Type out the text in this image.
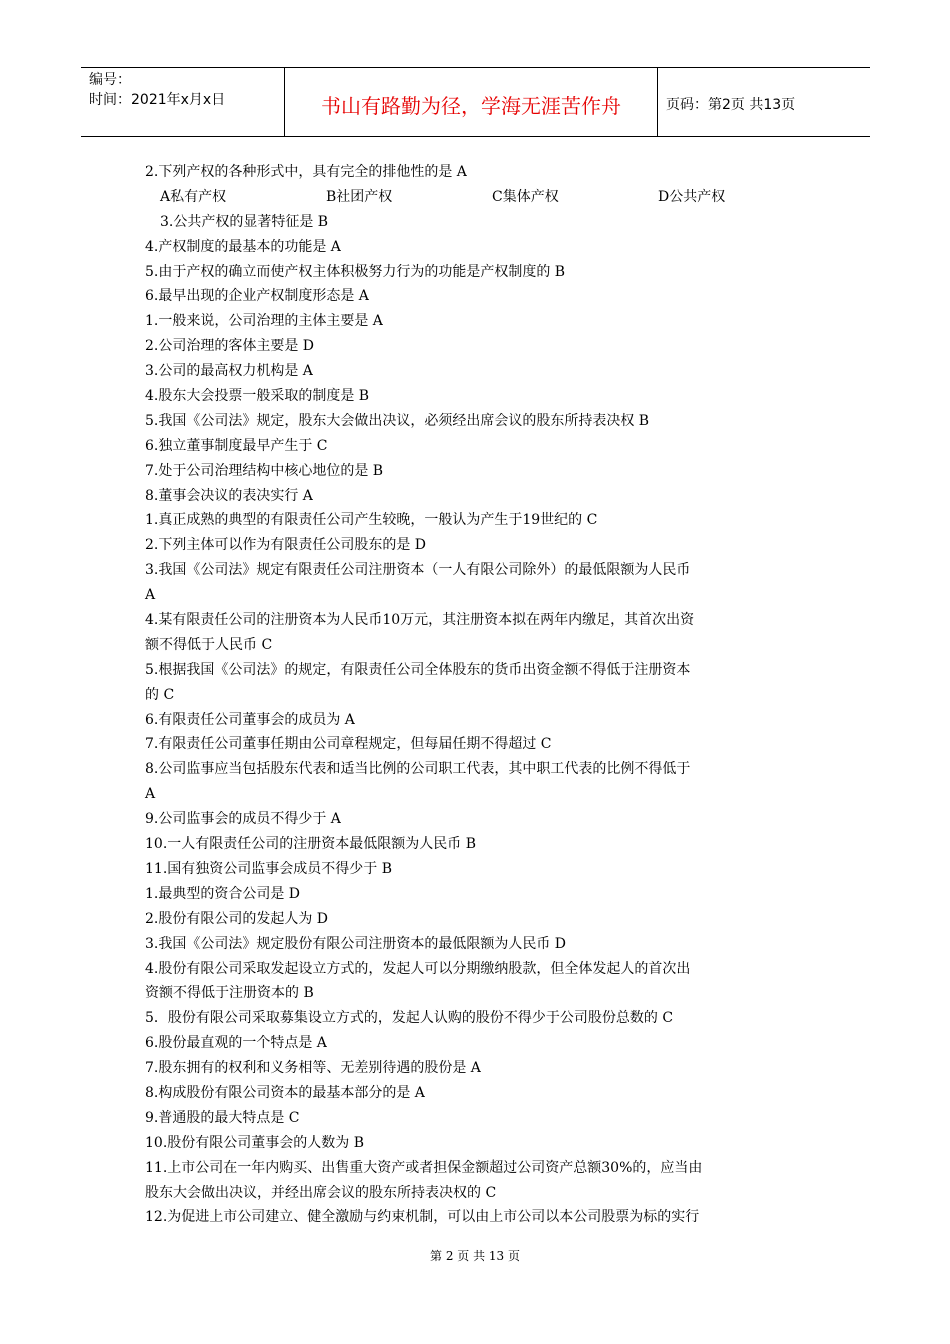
编号：
时间：2021年x月x日	书山有路勤为径，学海无涯苦作舟	页码：第2页 共13页
2.下列产权的各种形式中，具有完全的排他性的是 A
A私有产权	B社团产权	C集体产权	D公共产权
3.公共产权的显著特征是 B
4.产权制度的最基本的功能是 A
5.由于产权的确立而使产权主体积极努力行为的功能是产权制度的 B
6.最早出现的企业产权制度形态是 A
1.一般来说，公司治理的主体主要是 A
2.公司治理的客体主要是 D
3.公司的最高权力机构是 A
4.股东大会投票一般采取的制度是 B
5.我国《公司法》规定，股东大会做出决议，必须经出席会议的股东所持表决权 B
6.独立董事制度最早产生于 C
7.处于公司治理结构中核心地位的是 B
8.董事会决议的表决实行 A
1.真正成熟的典型的有限责任公司产生较晚，一般认为产生于19世纪的 C
2.下列主体可以作为有限责任公司股东的是 D
3.我国《公司法》规定有限责任公司注册资本（一人有限公司除外）的最低限额为人民币
A
4.某有限责任公司的注册资本为人民币10万元，其注册资本拟在两年内缴足，其首次出资
额不得低于人民币 C
5.根据我国《公司法》的规定，有限责任公司全体股东的货币出资金额不得低于注册资本
的 C
6.有限责任公司董事会的成员为 A
7.有限责任公司董事任期由公司章程规定，但每届任期不得超过 C
8.公司监事应当包括股东代表和适当比例的公司职工代表，其中职工代表的比例不得低于
A
9.公司监事会的成员不得少于 A
10.一人有限责任公司的注册资本最低限额为人民币 B
11.国有独资公司监事会成员不得少于 B
1.最典型的资合公司是 D
2.股份有限公司的发起人为 D
3.我国《公司法》规定股份有限公司注册资本的最低限额为人民币 D
4.股份有限公司采取发起设立方式的，发起人可以分期缴纳股款，但全体发起人的首次出
资额不得低于注册资本的 B
5．股份有限公司采取募集设立方式的，发起人认购的股份不得少于公司股份总数的 C
6.股份最直观的一个特点是 A
7.股东拥有的权利和义务相等、无差别待遇的股份是 A
8.构成股份有限公司资本的最基本部分的是 A
9.普通股的最大特点是 C
10.股份有限公司董事会的人数为 B
11.上市公司在一年内购买、出售重大资产或者担保金额超过公司资产总额30%的，应当由
股东大会做出决议，并经出席会议的股东所持表决权的 C
12.为促进上市公司建立、健全激励与约束机制，可以由上市公司以本公司股票为标的实行
第 2 页 共 13 页
